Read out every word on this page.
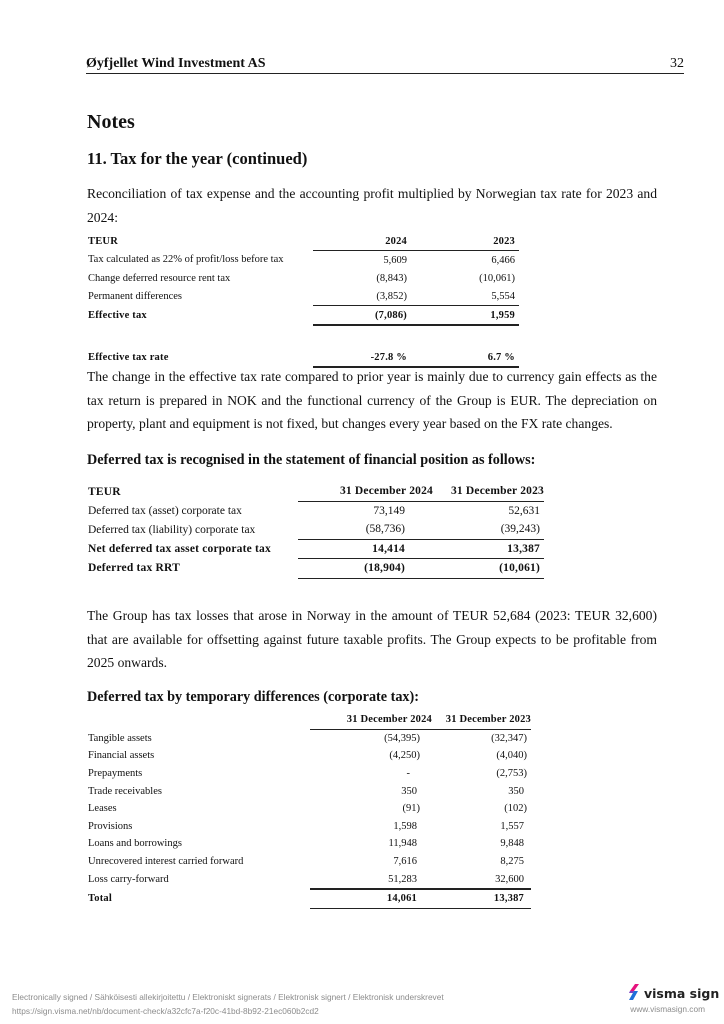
Øyfjellet Wind Investment AS	32
Notes
11. Tax for the year (continued)
Reconciliation of tax expense and the accounting profit multiplied by Norwegian tax rate for 2023 and 2024:
TEUR	2024	2023
Tax calculated as 22% of profit/loss before tax	5,609	6,466
Change deferred resource rent tax	(8,843)	(10,061)
Permanent differences	(3,852)	5,554
Effective tax	(7,086)	1,959

Effective tax rate	-27.8 %	6.7 %
The change in the effective tax rate compared to prior year is mainly due to currency gain effects as the tax return is prepared in NOK and the functional currency of the Group is EUR. The depreciation on property, plant and equipment is not fixed, but changes every year based on the FX rate changes.
Deferred tax is recognised in the statement of financial position as follows:
TEUR	31 December 2024	31 December 2023
Deferred tax (asset) corporate tax	73,149	52,631
Deferred tax (liability) corporate tax	(58,736)	(39,243)
Net deferred tax asset corporate tax	14,414	13,387
Deferred tax RRT	(18,904)	(10,061)
The Group has tax losses that arose in Norway in the amount of TEUR 52,684 (2023: TEUR 32,600) that are available for offsetting against future taxable profits. The Group expects to be profitable from 2025 onwards.
Deferred tax by temporary differences (corporate tax):
	31 December 2024	31 December 2023
Tangible assets	(54,395)	(32,347)
Financial assets	(4,250)	(4,040)
Prepayments	-	(2,753)
Trade receivables	350	350
Leases	(91)	(102)
Provisions	1,598	1,557
Loans and borrowings	11,948	9,848
Unrecovered interest carried forward	7,616	8,275
Loss carry-forward	51,283	32,600
Total	14,061	13,387
Electronically signed / Sähköisesti allekirjoitettu / Elektroniskt signerats / Elektronisk signert / Elektronisk underskrevet
https://sign.visma.net/nb/document-check/a32cfc7a-f20c-41bd-8b92-21ec060b2cd2
visma sign
www.vismasign.com
